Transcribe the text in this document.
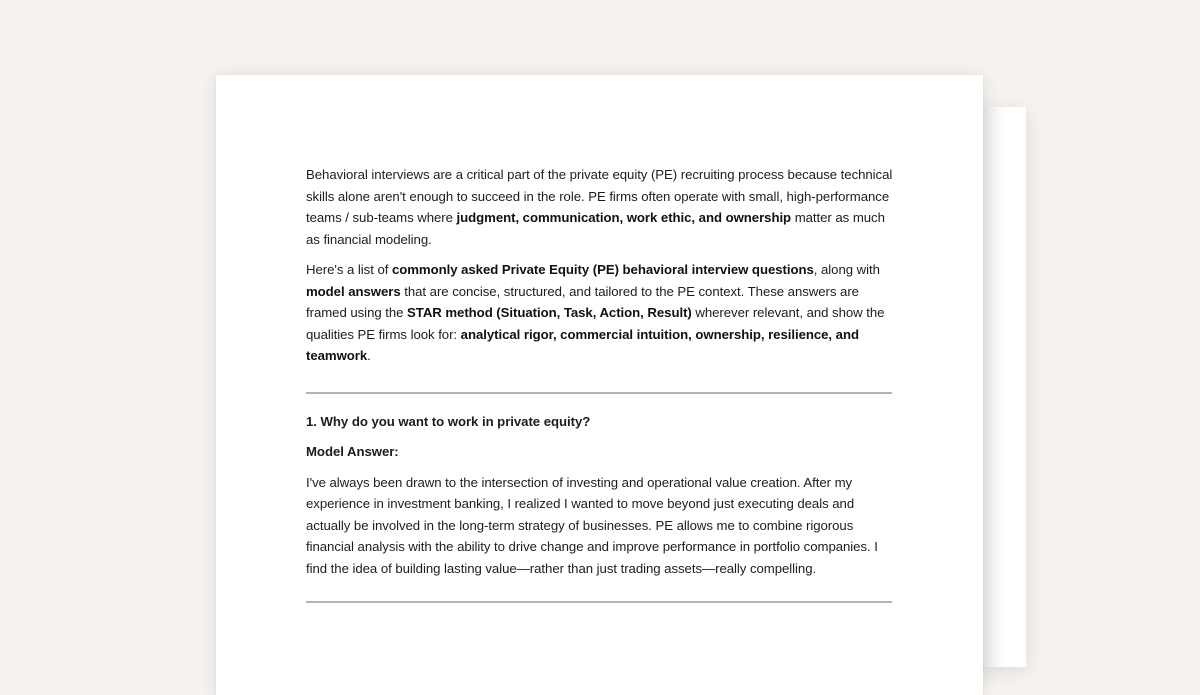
Behavioral interviews are a critical part of the private equity (PE) recruiting process because technical skills alone aren't enough to succeed in the role. PE firms often operate with small, high-performance teams / sub-teams where judgment, communication, work ethic, and ownership matter as much as financial modeling.

Here's a list of commonly asked Private Equity (PE) behavioral interview questions, along with model answers that are concise, structured, and tailored to the PE context. These answers are framed using the STAR method (Situation, Task, Action, Result) wherever relevant, and show the qualities PE firms look for: analytical rigor, commercial intuition, ownership, resilience, and teamwork.

1. Why do you want to work in private equity?

Model Answer:

I've always been drawn to the intersection of investing and operational value creation. After my experience in investment banking, I realized I wanted to move beyond just executing deals and actually be involved in the long-term strategy of businesses. PE allows me to combine rigorous financial analysis with the ability to drive change and improve performance in portfolio companies. I find the idea of building lasting value—rather than just trading assets—really compelling.
